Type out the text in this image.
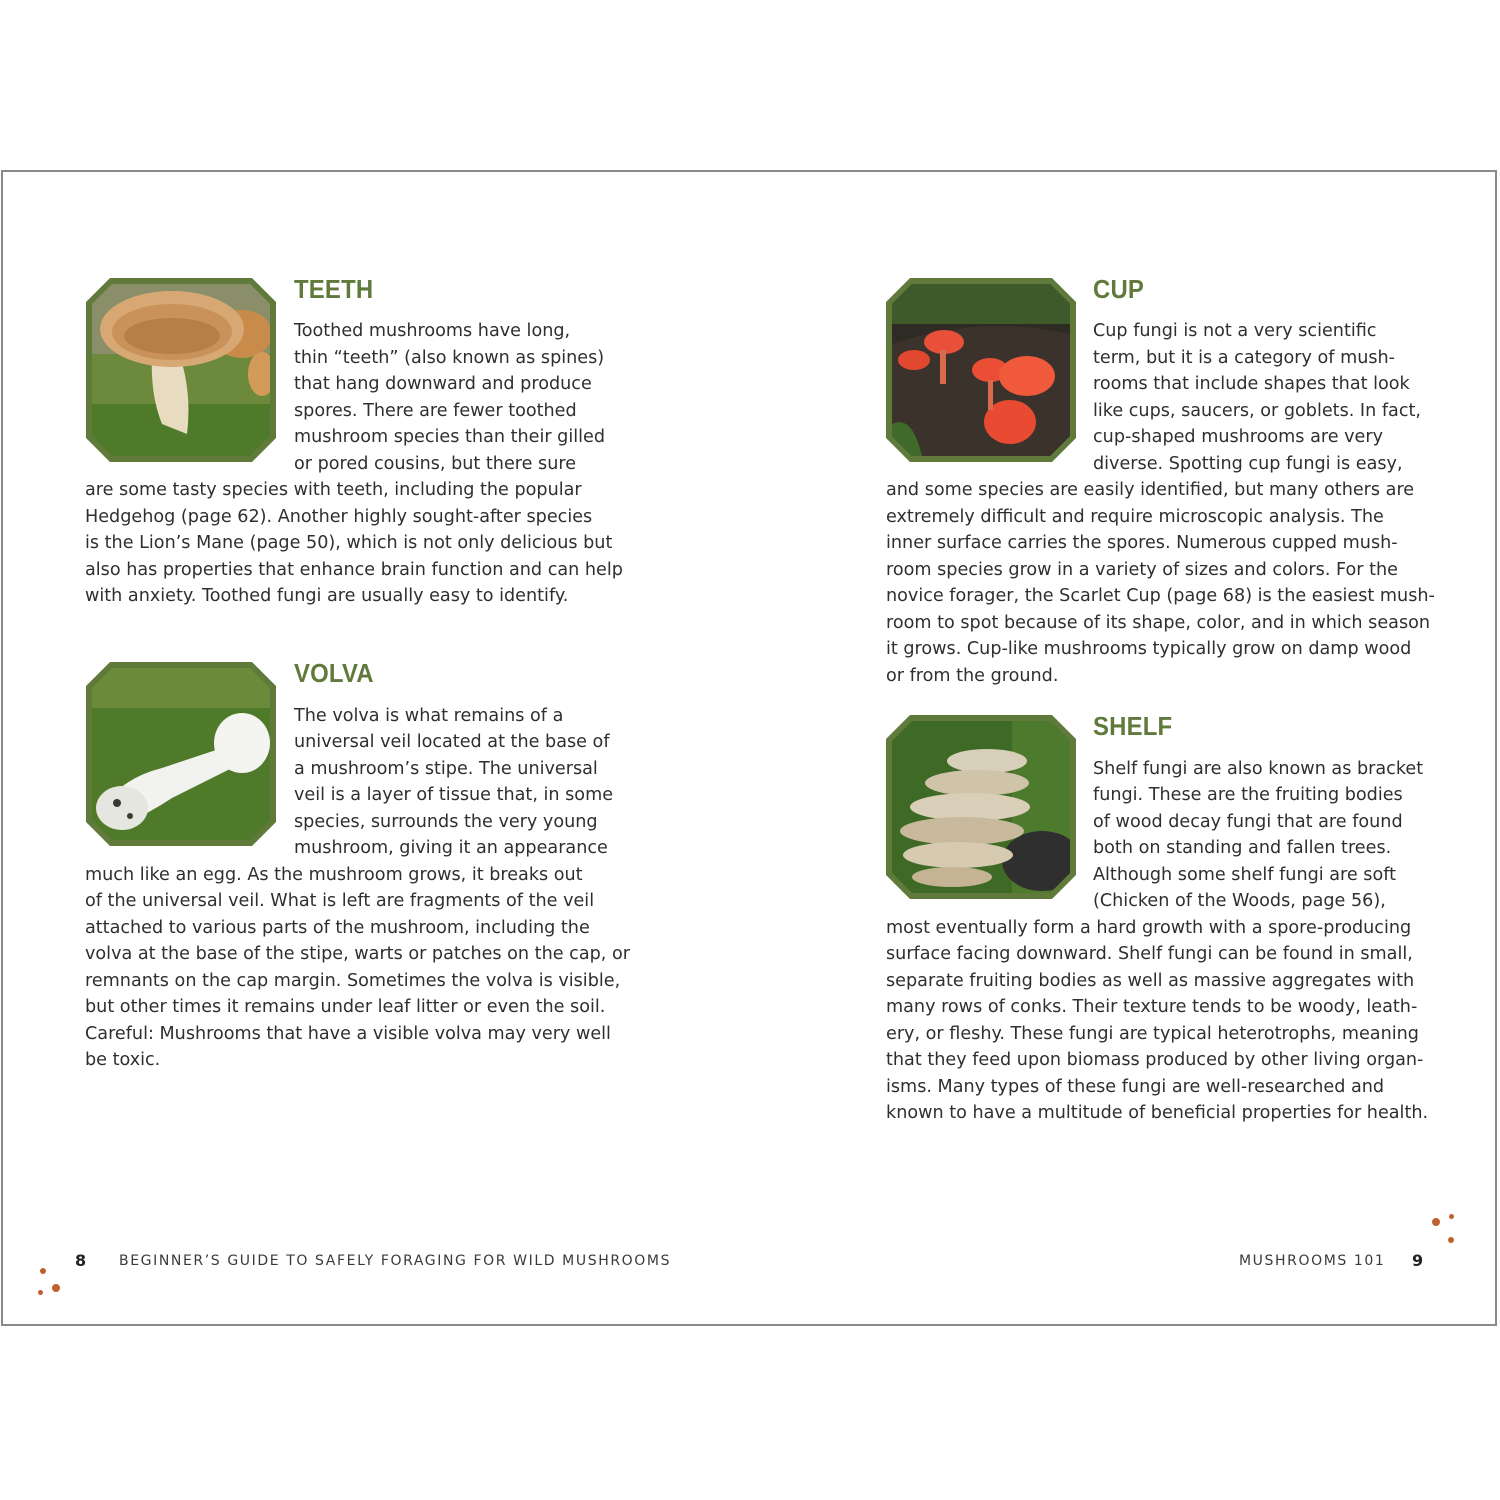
TEETH

Toothed mushrooms have long,

thin “teeth” (also known as spines)

that hang downward and produce

spores. There are fewer toothed

mushroom species than their gilled

or pored cousins, but there sure

are some tasty species with teeth, including the popular

Hedgehog (page 62). Another highly sought-after species

is the Lion’s Mane (page 50), which is not only delicious but

also has properties that enhance brain function and can help

with anxiety. Toothed fungi are usually easy to identify.

VOLVA

The volva is what remains of a

universal veil located at the base of

a mushroom’s stipe. The universal

veil is a layer of tissue that, in some

species, surrounds the very young

mushroom, giving it an appearance

much like an egg. As the mushroom grows, it breaks out

of the universal veil. What is left are fragments of the veil

attached to various parts of the mushroom, including the

volva at the base of the stipe, warts or patches on the cap, or

remnants on the cap margin. Sometimes the volva is visible,

but other times it remains under leaf litter or even the soil.

Careful: Mushrooms that have a visible volva may very well

be toxic.

CUP

Cup fungi is not a very scientific

term, but it is a category of mush-

rooms that include shapes that look

like cups, saucers, or goblets. In fact,

cup-shaped mushrooms are very

diverse. Spotting cup fungi is easy,

and some species are easily identified, but many others are

extremely difficult and require microscopic analysis. The

inner surface carries the spores. Numerous cupped mush-

room species grow in a variety of sizes and colors. For the

novice forager, the Scarlet Cup (page 68) is the easiest mush-

room to spot because of its shape, color, and in which season

it grows. Cup-like mushrooms typically grow on damp wood

or from the ground.

SHELF

Shelf fungi are also known as bracket

fungi. These are the fruiting bodies

of wood decay fungi that are found

both on standing and fallen trees.

Although some shelf fungi are soft

(Chicken of the Woods, page 56),

most eventually form a hard growth with a spore-producing

surface facing downward. Shelf fungi can be found in small,

separate fruiting bodies as well as massive aggregates with

many rows of conks. Their texture tends to be woody, leath-

ery, or fleshy. These fungi are typical heterotrophs, meaning

that they feed upon biomass produced by other living organ-

isms. Many types of these fungi are well-researched and

known to have a multitude of beneficial properties for health.

8 BEGINNER’S GUIDE TO SAFELY FORAGING FOR WILD MUSHROOMS	MUSHROOMS 101 9
